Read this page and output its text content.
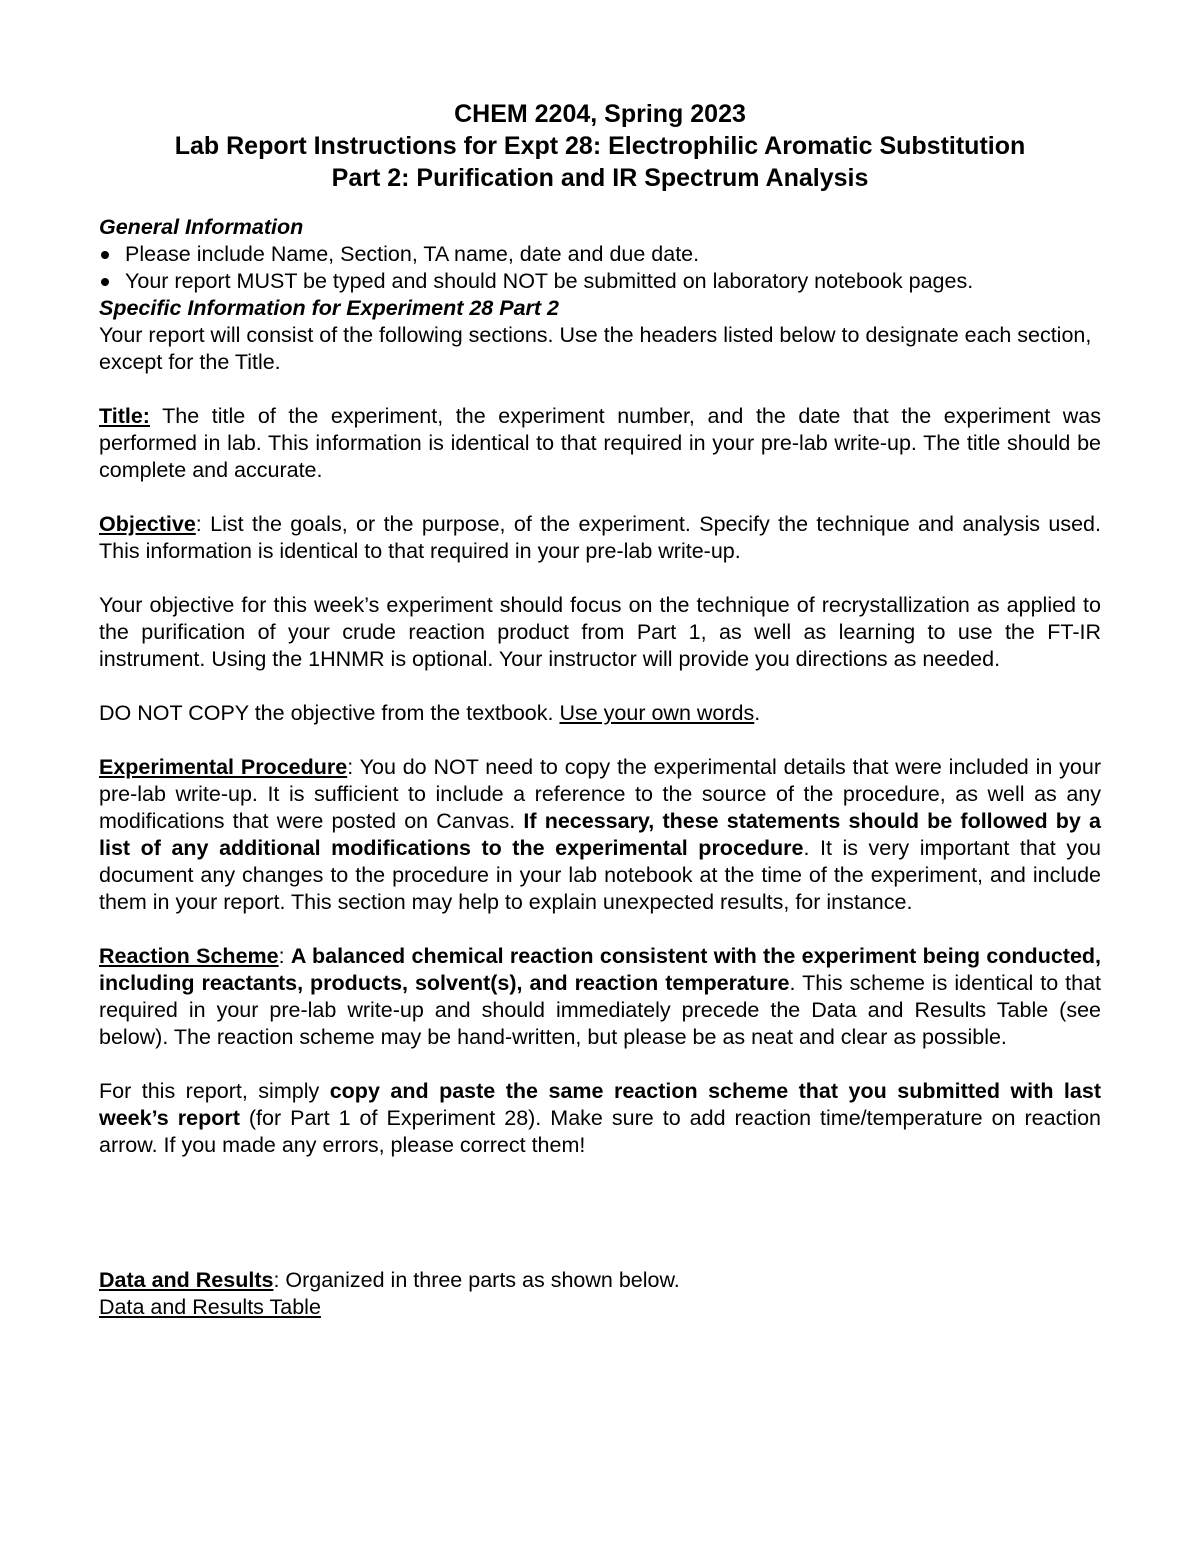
CHEM 2204, Spring 2023
Lab Report Instructions for Expt 28: Electrophilic Aromatic Substitution
Part 2: Purification and IR Spectrum Analysis

General Information

Please include Name, Section, TA name, date and due date.
Your report MUST be typed and should NOT be submitted on laboratory notebook pages.

Specific Information for Experiment 28 Part 2

Your report will consist of the following sections. Use the headers listed below to designate each section, except for the Title.

Title: The title of the experiment, the experiment number, and the date that the experiment was performed in lab. This information is identical to that required in your pre-lab write-up. The title should be complete and accurate.

Objective: List the goals, or the purpose, of the experiment. Specify the technique and analysis used. This information is identical to that required in your pre-lab write-up.

Your objective for this week’s experiment should focus on the technique of recrystallization as applied to the purification of your crude reaction product from Part 1, as well as learning to use the FT-IR instrument. Using the 1HNMR is optional. Your instructor will provide you directions as needed.

DO NOT COPY the objective from the textbook. Use your own words.

Experimental Procedure: You do NOT need to copy the experimental details that were included in your pre-lab write-up. It is sufficient to include a reference to the source of the procedure, as well as any modifications that were posted on Canvas. If necessary, these statements should be followed by a list of any additional modifications to the experimental procedure. It is very important that you document any changes to the procedure in your lab notebook at the time of the experiment, and include them in your report. This section may help to explain unexpected results, for instance.

Reaction Scheme: A balanced chemical reaction consistent with the experiment being conducted, including reactants, products, solvent(s), and reaction temperature. This scheme is identical to that required in your pre-lab write-up and should immediately precede the Data and Results Table (see below). The reaction scheme may be hand-written, but please be as neat and clear as possible.

For this report, simply copy and paste the same reaction scheme that you submitted with last week’s report (for Part 1 of Experiment 28). Make sure to add reaction time/temperature on reaction arrow. If you made any errors, please correct them!

Data and Results: Organized in three parts as shown below.

Data and Results Table
